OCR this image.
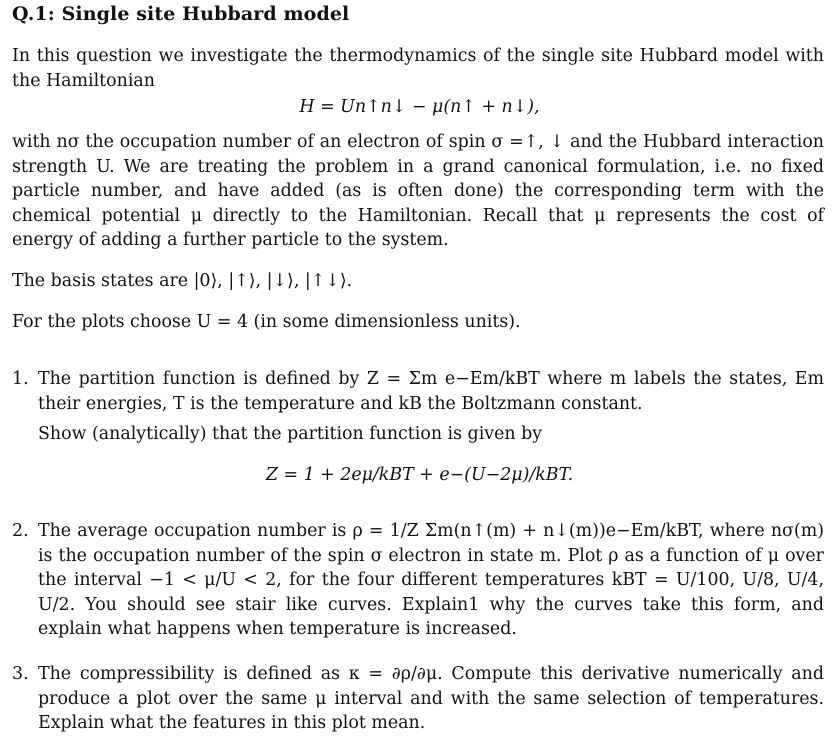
Q.1: Single site Hubbard model

In this question we investigate the thermodynamics of the single site Hubbard model with the Hamiltonian

H = Un↑n↓ − μ(n↑ + n↓),

with nσ the occupation number of an electron of spin σ =↑, ↓ and the Hubbard interaction strength U. We are treating the problem in a grand canonical formulation, i.e. no fixed particle number, and have added (as is often done) the corresponding term with the chemical potential μ directly to the Hamiltonian. Recall that μ represents the cost of energy of adding a further particle to the system.

The basis states are |0⟩, |↑⟩, |↓⟩, |↑↓⟩.

For the plots choose U = 4 (in some dimensionless units).

1. The partition function is defined by Z = Σm e−Em/kBT where m labels the states, Em their energies, T is the temperature and kB the Boltzmann constant.
Show (analytically) that the partition function is given by
Z = 1 + 2eμ/kBT + e−(U−2μ)/kBT.
2. The average occupation number is ρ = 1/Z Σm(n↑(m) + n↓(m))e−Em/kBT, where nσ(m) is the occupation number of the spin σ electron in state m. Plot ρ as a function of μ over the interval −1 < μ/U < 2, for the four different temperatures kBT = U/100, U/8, U/4, U/2. You should see stair like curves. Explain1 why the curves take this form, and explain what happens when temperature is increased.
3. The compressibility is defined as κ = ∂ρ/∂μ. Compute this derivative numerically and produce a plot over the same μ interval and with the same selection of temperatures. Explain what the features in this plot mean.
